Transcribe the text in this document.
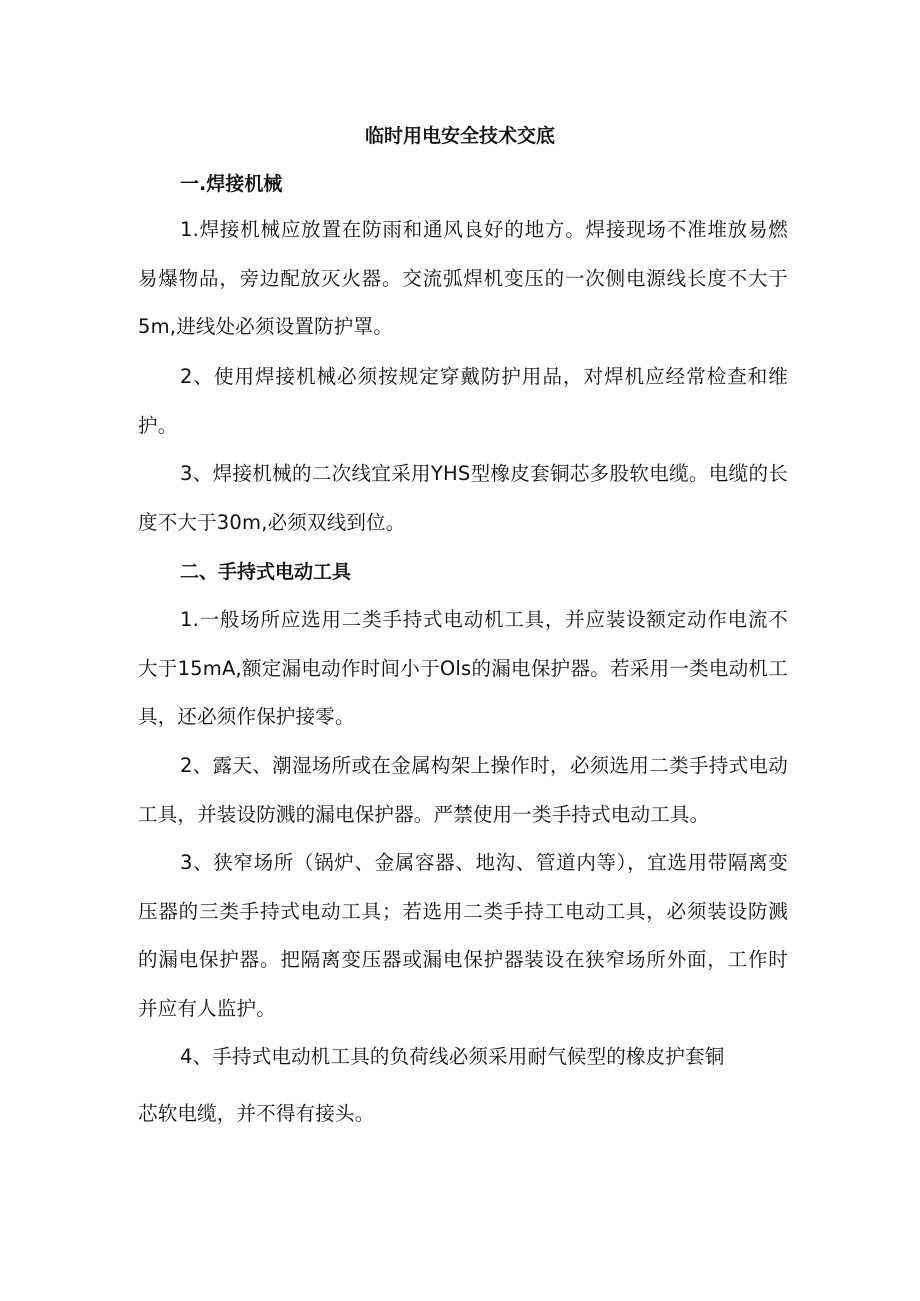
临时用电安全技术交底
一.焊接机械

1.焊接机械应放置在防雨和通风良好的地方。焊接现场不准堆放易燃易爆物品，旁边配放灭火器。交流弧焊机变压的一次侧电源线长度不大于5m,进线处必须设置防护罩。

2、使用焊接机械必须按规定穿戴防护用品，对焊机应经常检查和维护。

3、焊接机械的二次线宜采用YHS型橡皮套铜芯多股软电缆。电缆的长度不大于30m,必须双线到位。

二、手持式电动工具

1.一般场所应选用二类手持式电动机工具，并应装设额定动作电流不大于15mA,额定漏电动作时间小于Ols的漏电保护器。若采用一类电动机工具，还必须作保护接零。

2、露天、潮湿场所或在金属构架上操作时，必须选用二类手持式电动工具，并装设防溅的漏电保护器。严禁使用一类手持式电动工具。

3、狭窄场所（锅炉、金属容器、地沟、管道内等），宜选用带隔离变压器的三类手持式电动工具；若选用二类手持工电动工具，必须装设防溅的漏电保护器。把隔离变压器或漏电保护器装设在狭窄场所外面，工作时并应有人监护。

4、手持式电动机工具的负荷线必须采用耐气候型的橡皮护套铜

芯软电缆，并不得有接头。
